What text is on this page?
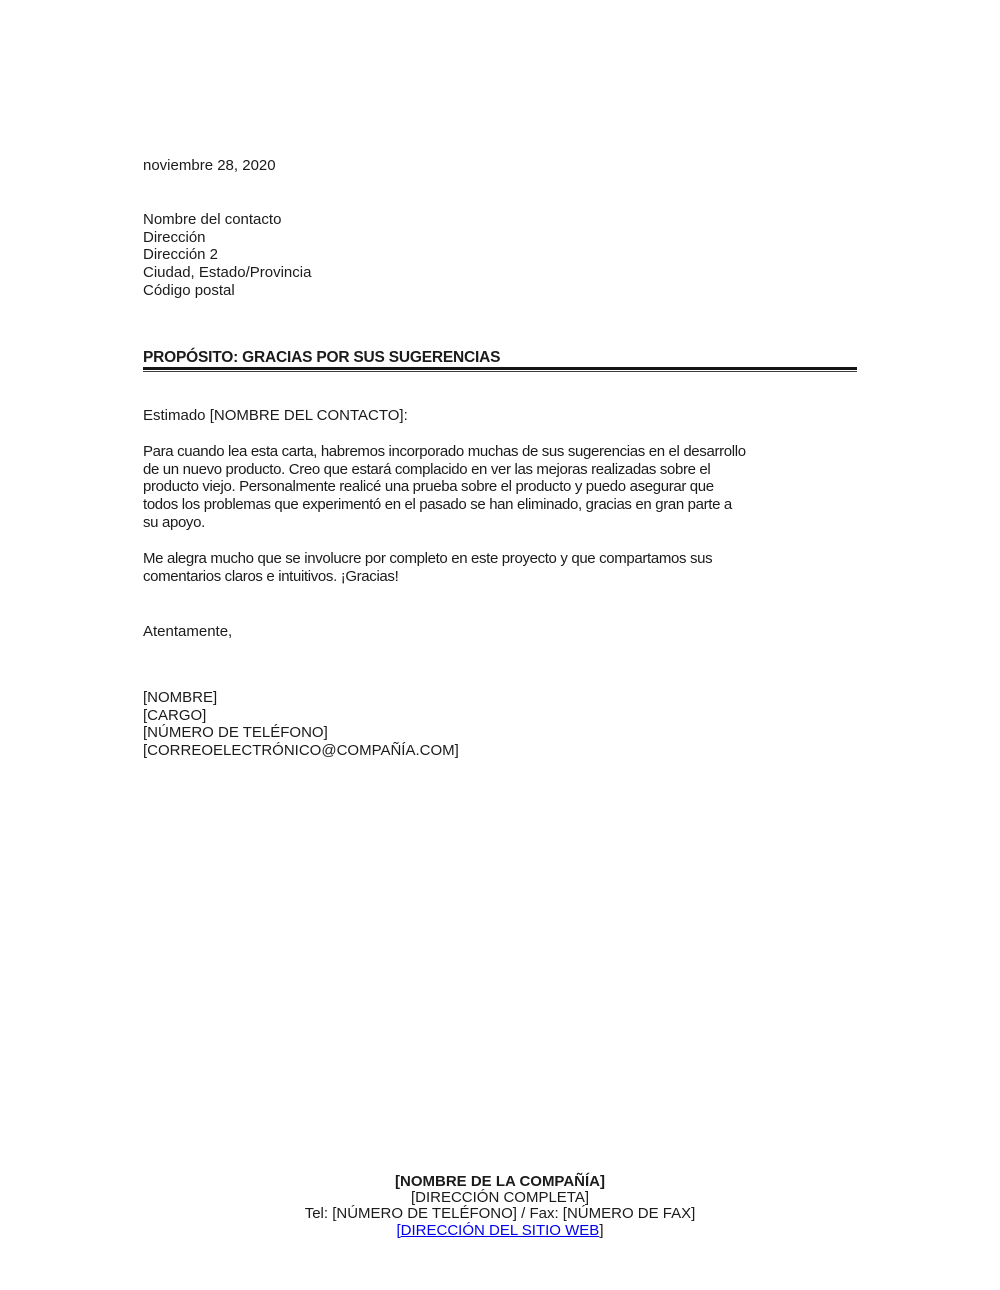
noviembre 28, 2020
Nombre del contacto
Dirección
Dirección 2
Ciudad, Estado/Provincia
Código postal
PROPÓSITO: GRACIAS POR SUS SUGERENCIAS
Estimado [NOMBRE DEL CONTACTO]:
Para cuando lea esta carta, habremos incorporado muchas de sus sugerencias en el desarrollo
de un nuevo producto. Creo que estará complacido en ver las mejoras realizadas sobre el
producto viejo. Personalmente realicé una prueba sobre el producto y puedo asegurar que
todos los problemas que experimentó en el pasado se han eliminado, gracias en gran parte a
su apoyo.
Me alegra mucho que se involucre por completo en este proyecto y que compartamos sus
comentarios claros e intuitivos. ¡Gracias!
Atentamente,
[NOMBRE]
[CARGO]
[NÚMERO DE TELÉFONO]
[CORREOELECTRÓNICO@COMPAÑÍA.COM]
[NOMBRE DE LA COMPAÑÍA]
[DIRECCIÓN COMPLETA]
Tel: [NÚMERO DE TELÉFONO] / Fax: [NÚMERO DE FAX]
[DIRECCIÓN DEL SITIO WEB]
